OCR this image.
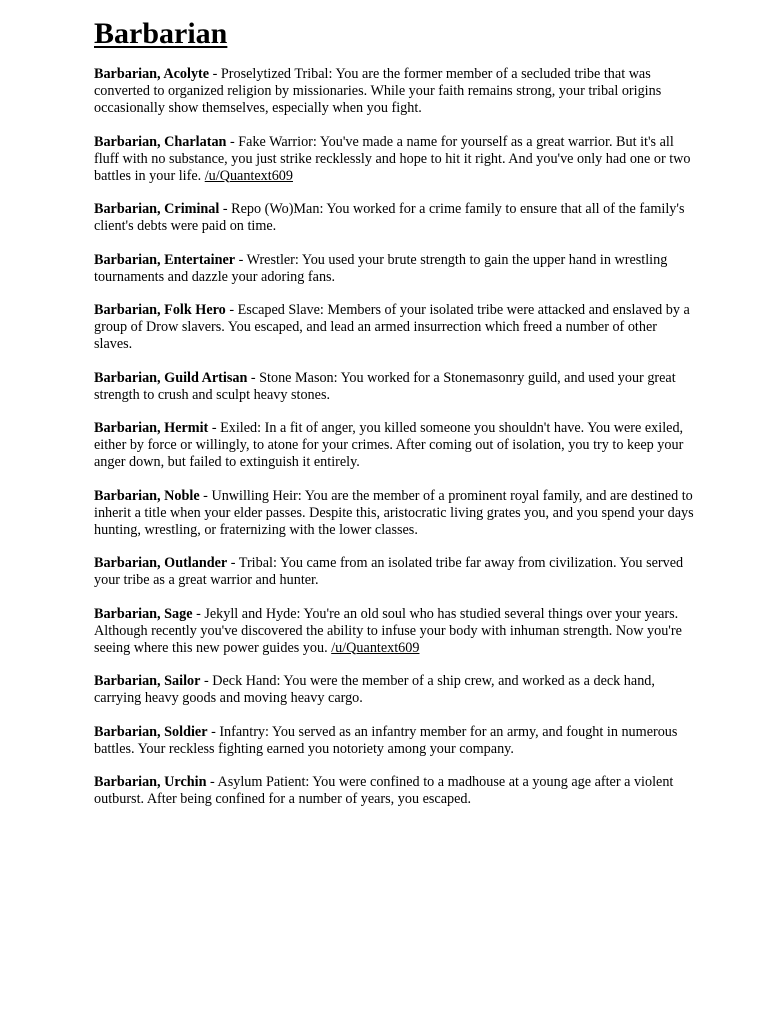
Barbarian
Barbarian, Acolyte - Proselytized Tribal: You are the former member of a secluded tribe that was converted to organized religion by missionaries. While your faith remains strong, your tribal origins occasionally show themselves, especially when you fight.
Barbarian, Charlatan - Fake Warrior: You've made a name for yourself as a great warrior. But it's all fluff with no substance, you just strike recklessly and hope to hit it right. And you've only had one or two battles in your life. /u/Quantext609
Barbarian, Criminal - Repo (Wo)Man: You worked for a crime family to ensure that all of the family's client's debts were paid on time.
Barbarian, Entertainer - Wrestler: You used your brute strength to gain the upper hand in wrestling tournaments and dazzle your adoring fans.
Barbarian, Folk Hero - Escaped Slave: Members of your isolated tribe were attacked and enslaved by a group of Drow slavers. You escaped, and lead an armed insurrection which freed a number of other slaves.
Barbarian, Guild Artisan - Stone Mason: You worked for a Stonemasonry guild, and used your great strength to crush and sculpt heavy stones.
Barbarian, Hermit - Exiled: In a fit of anger, you killed someone you shouldn't have. You were exiled, either by force or willingly, to atone for your crimes. After coming out of isolation, you try to keep your anger down, but failed to extinguish it entirely.
Barbarian, Noble - Unwilling Heir: You are the member of a prominent royal family, and are destined to inherit a title when your elder passes. Despite this, aristocratic living grates you, and you spend your days hunting, wrestling, or fraternizing with the lower classes.
Barbarian, Outlander - Tribal: You came from an isolated tribe far away from civilization. You served your tribe as a great warrior and hunter.
Barbarian, Sage - Jekyll and Hyde: You're an old soul who has studied several things over your years. Although recently you've discovered the ability to infuse your body with inhuman strength. Now you're seeing where this new power guides you. /u/Quantext609
Barbarian, Sailor - Deck Hand: You were the member of a ship crew, and worked as a deck hand, carrying heavy goods and moving heavy cargo.
Barbarian, Soldier - Infantry: You served as an infantry member for an army, and fought in numerous battles. Your reckless fighting earned you notoriety among your company.
Barbarian, Urchin - Asylum Patient: You were confined to a madhouse at a young age after a violent outburst. After being confined for a number of years, you escaped.
